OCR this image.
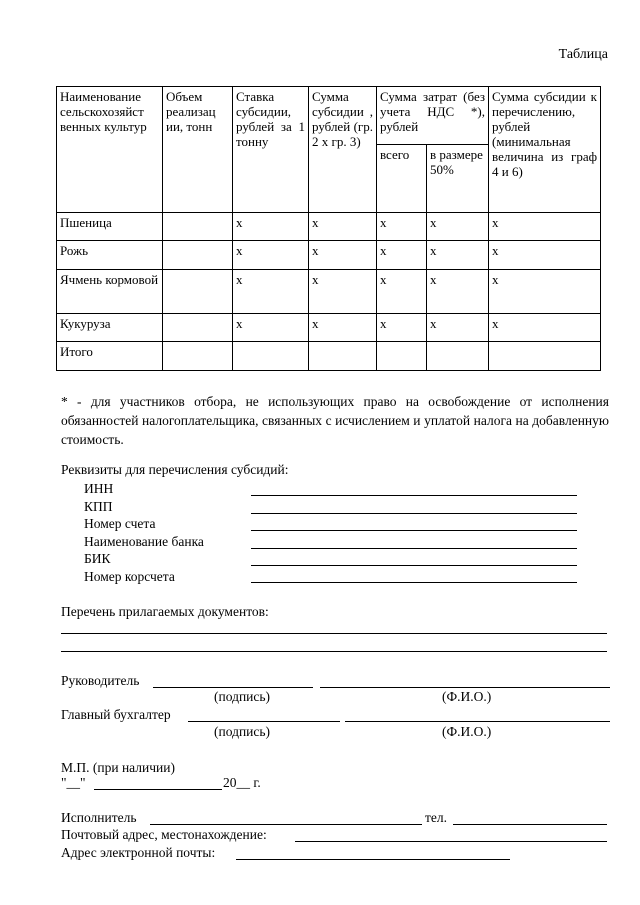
Таблица
Наименование сельскохозяйст венных культур	Объем реализац ии, тонн	Ставка субсидии, рублей за 1 тонну	Сумма субсидии , рублей (гр. 2 х гр. 3)	Сумма затрат (без учета НДС *), рублей		Сумма субсидии к перечислению, рублей (минимальная величина из граф 4 и 6)
				всего	в размере 50%	
Пшеница		х	х	х	х	х
Рожь		х	х	х	х	х
Ячмень кормовой		х	х	х	х	х
Кукуруза		х	х	х	х	х
Итого						
* - для участников отбора, не использующих право на освобождение от исполнения обязанностей налогоплательщика, связанных с исчислением и уплатой налога на добавленную стоимость.
Реквизиты для перечисления субсидий:
ИНН
КПП
Номер счета
Наименование банка
БИК
Номер корсчета
Перечень прилагаемых документов:
Руководитель
(подпись)	(Ф.И.О.)
Главный бухгалтер
(подпись)	(Ф.И.О.)
М.П. (при наличии)
"__"	20__ г.
Исполнитель	тел.
Почтовый адрес, местонахождение:
Адрес электронной почты:
